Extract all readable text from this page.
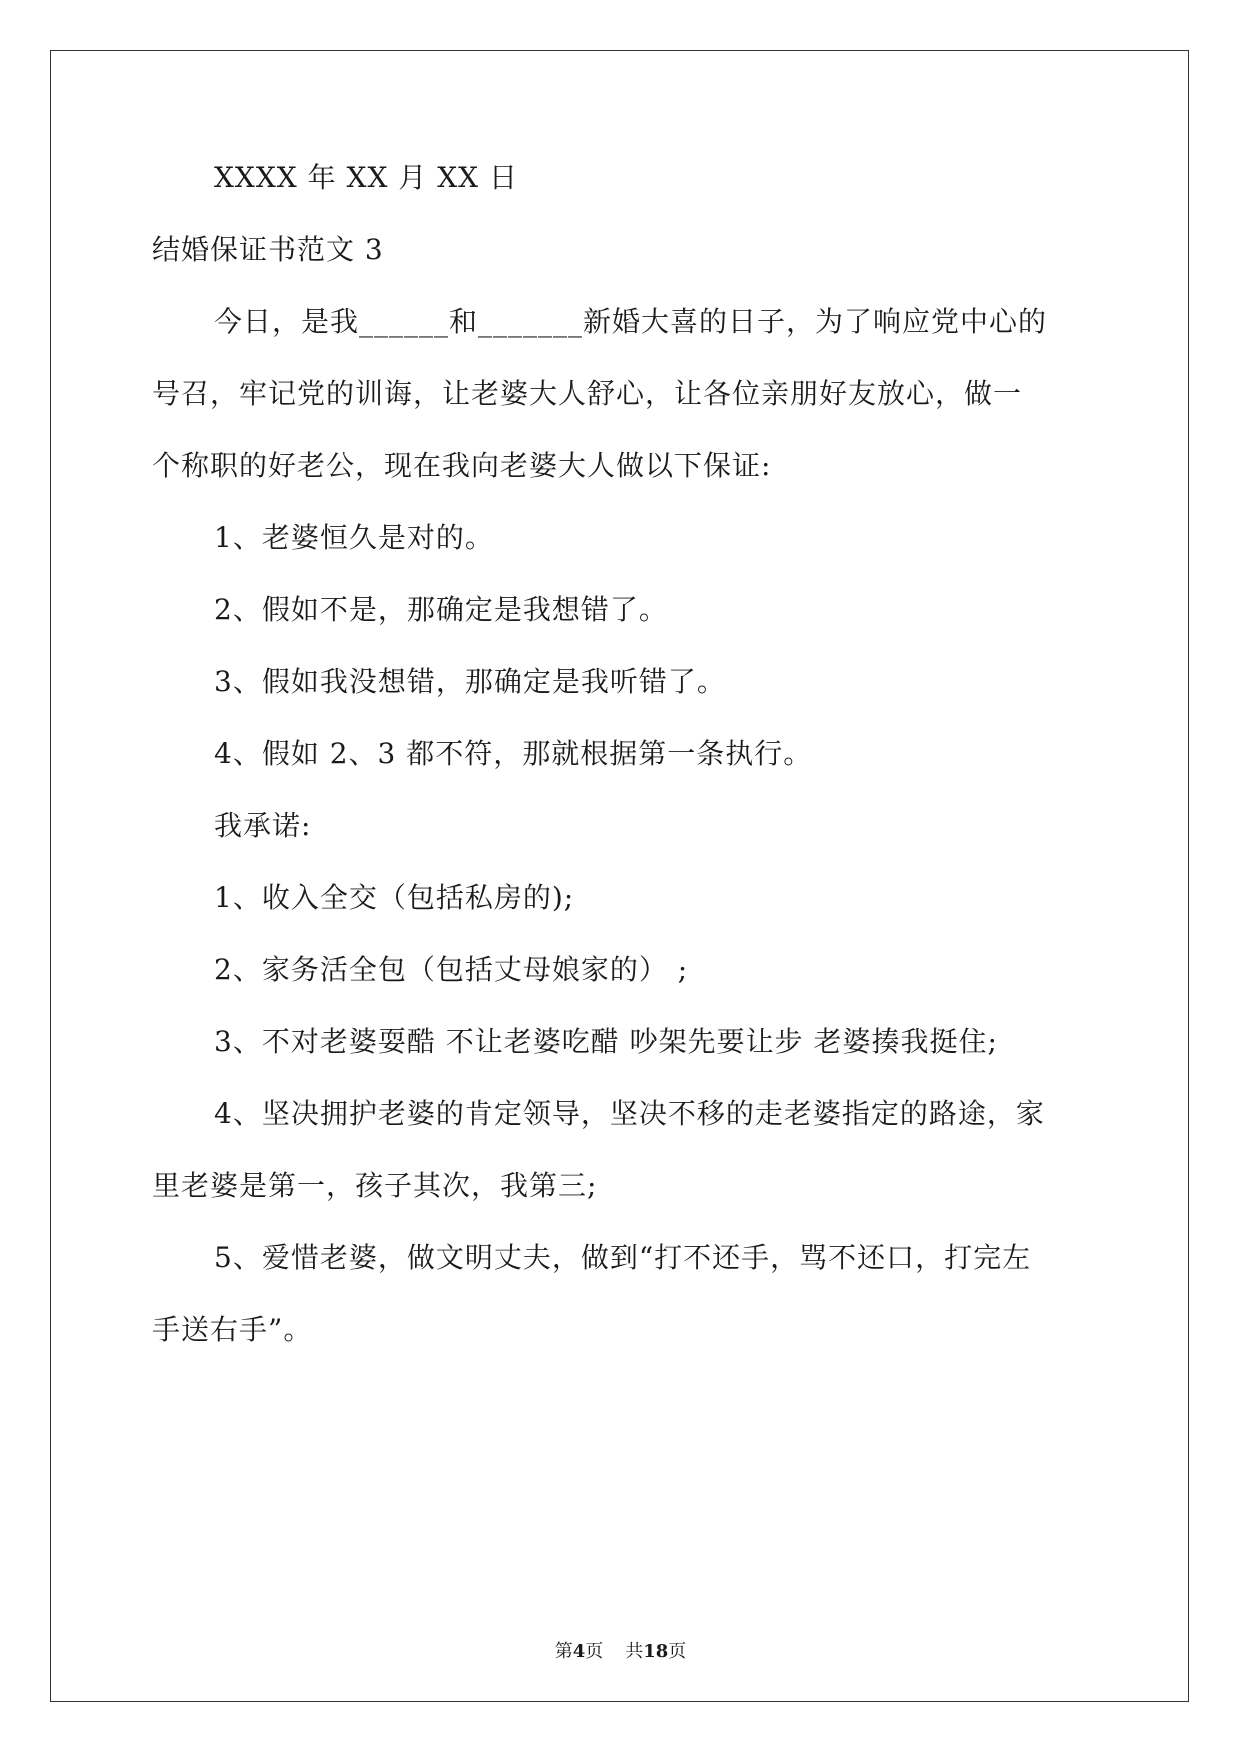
XXXX 年 XX 月 XX 日

结婚保证书范文 3

今日，是我______和_______新婚大喜的日子，为了响应党中心的

号召，牢记党的训诲，让老婆大人舒心，让各位亲朋好友放心，做一

个称职的好老公，现在我向老婆大人做以下保证:

1、老婆恒久是对的。

2、假如不是，那确定是我想错了。

3、假如我没想错，那确定是我听错了。

4、假如 2、3 都不符，那就根据第一条执行。

我承诺:

1、收入全交（包括私房的);

2、家务活全包（包括丈母娘家的） ;

3、不对老婆耍酷 不让老婆吃醋 吵架先要让步 老婆揍我挺住;

4、坚决拥护老婆的肯定领导，坚决不移的走老婆指定的路途，家

里老婆是第一，孩子其次，我第三;

5、爱惜老婆，做文明丈夫，做到“打不还手，骂不还口，打完左

手送右手”。

第4页 共18页
